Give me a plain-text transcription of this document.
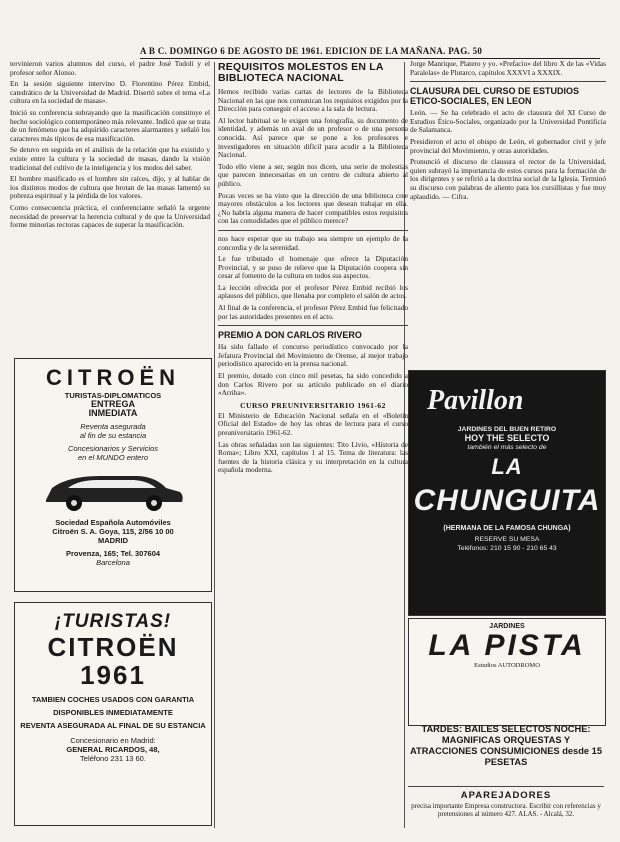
A B C. DOMINGO 6 DE AGOSTO DE 1961. EDICION DE LA MAÑANA. PAG. 50

tervinieron varios alumnos del curso, el padre José Todolí y el profesor señor Alonso.

En la sesión siguiente intervino D. Florentino Pérez Embid, catedrático de la Universidad de Madrid. Disertó sobre el tema «La cultura en la sociedad de masas».

Inició su conferencia subrayando que la masificación constituye el hecho sociológico contemporáneo más relevante. Indicó que se trata de un fenómeno que ha adquirido caracteres alarmantes y señaló los caracteres más típicos de esa masificación.

Se detuvo en seguida en el análisis de la relación que ha existido y existe entre la cultura y la sociedad de masas, dando la visión tradicional del cultivo de la inteligencia y los modos del saber.

El hombre masificado es el hombre sin raíces, dijo, y al hablar de los distintos modos de cultura que brotan de las masas lamentó su pobreza espiritual y la pérdida de los valores.

Como consecuencia práctica, el conferenciante señaló la urgente necesidad de preservar la herencia cultural y de que la Universidad forme minorías rectoras capaces de superar la masificación.

REQUISITOS MOLESTOS EN LA BIBLIOTECA NACIONAL

Hemos recibido varias cartas de lectores de la Biblioteca Nacional en las que nos comunican los requisitos exigidos por la Dirección para conseguir el acceso a la sala de lectura.

Al lector habitual se le exigen una fotografía, su documento de identidad, y además un aval de un profesor o de una persona conocida. Así parece que se pone a los profesores e investigadores en situación difícil para acudir a la Biblioteca Nacional.

Todo ello viene a ser, según nos dicen, una serie de molestias que parecen innecesarias en un centro de cultura abierto al público.

Pocas veces se ha visto que la dirección de una biblioteca cree mayores obstáculos a los lectores que desean trabajar en ella. ¿No habría alguna manera de hacer compatibles estos requisitos con las comodidades que el público merece?

nos hace esperar que su trabajo sea siempre un ejemplo de la concordia y de la serenidad.

Le fue tributado el homenaje que ofrece la Diputación Provincial, y se puso de relieve que la Diputación coopera sin cesar al fomento de la cultura en todos sus aspectos.

La lección ofrecida por el profesor Pérez Embid recibió los aplausos del público, que llenaba por completo el salón de actos.

Al final de la conferencia, el profesor Pérez Embid fue felicitado por las autoridades presentes en el acto.

PREMIO A DON CARLOS RIVERO

Ha sido fallado el concurso periodístico convocado por la Jefatura Provincial del Movimiento de Orense, al mejor trabajo periodístico aparecido en la prensa nacional.

El premio, dotado con cinco mil pesetas, ha sido concedido a don Carlos Rivero por su artículo publicado en el diario «Arriba».

CURSO PREUNIVERSITARIO 1961-62

El Ministerio de Educación Nacional señala en el «Boletín Oficial del Estado» de hoy las obras de lectura para el curso preuniversitario 1961-62.

Las obras señaladas son las siguientes: Tito Livio, «Historia de Roma»; Libro XXI, capítulos 1 al 15. Tema de literatura: las fuentes de la historia clásica y su interpretación en la cultura española moderna.

Jorge Manrique, Platero y yo. «Prefacio» del libro X de las «Vidas Paralelas» de Plutarco, capítulos XXXVI a XXXIX.

CLAUSURA DEL CURSO DE ESTUDIOS ETICO-SOCIALES, EN LEON

León. — Se ha celebrado el acto de clausura del XI Curso de Estudios Ético-Sociales, organizado por la Universidad Pontificia de Salamanca.

Presidieron el acto el obispo de León, el gobernador civil y jefe provincial del Movimiento, y otras autoridades.

Pronunció el discurso de clausura el rector de la Universidad, quien subrayó la importancia de estos cursos para la formación de los dirigentes y se refirió a la doctrina social de la Iglesia. Terminó su discurso con palabras de aliento para los cursillistas y fue muy aplaudido. — Cifra.

CITROËN
TURISTAS-DIPLOMATICOS
ENTREGA
INMEDIATA
Reventa asegurada
al fin de su estancia
Concesionarios y Servicios
en el MUNDO entero
Sociedad Española Automóviles
Citroën S. A. Goya, 115, 2/56 10 00
MADRID
Provenza, 165; Tel. 307604
Barcelona
¡TURISTAS!
CITROËN 1961
TAMBIEN COCHES USADOS CON GARANTIA
DISPONIBLES INMEDIATAMENTE
REVENTA ASEGURADA AL FINAL DE SU ESTANCIA
Concesionario en Madrid:
GENERAL RICARDOS, 48,
Teléfono 231 13 60.
Pavillon
JARDINES DEL BUEN RETIRO
HOY THE SELECTO
también el más selecto de
LA
CHUNGUITA
(HERMANA DE LA FAMOSA CHUNGA)
RESERVE SU MESA
Teléfonos: 210 15 90 - 210 65 43
JARDINES
LA PISTA
Estudios AUTODROMO

TARDES: BAILES SELECTOS NOCHE: MAGNIFICAS ORQUESTAS Y ATRACCIONES CONSUMICIONES desde 15 PESETAS

APAREJADORES

precisa importante Empresa constructora. Escribir con referencias y pretensiones al número 427. ALAS. - Alcalá, 32.
